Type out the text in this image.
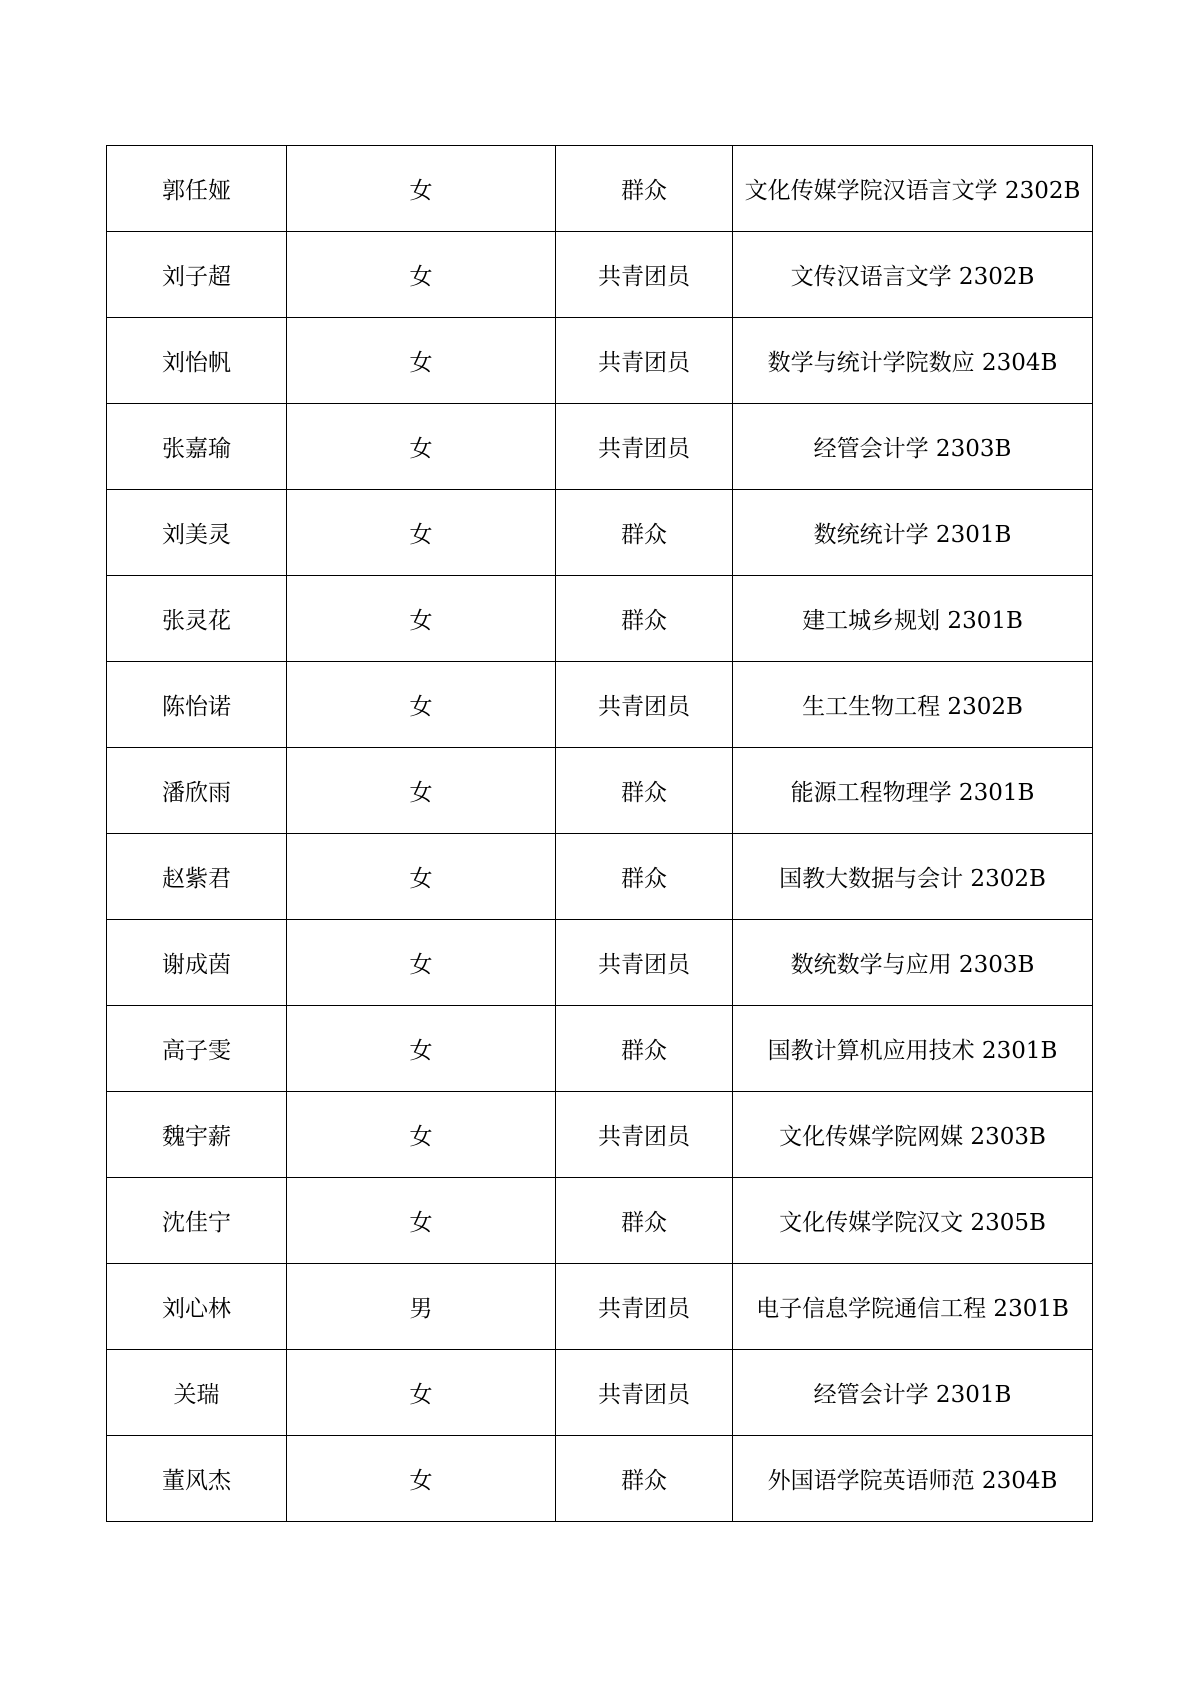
郭任娅	女	群众	文化传媒学院汉语言文学 2302B
刘子超	女	共青团员	文传汉语言文学 2302B
刘怡帆	女	共青团员	数学与统计学院数应 2304B
张嘉瑜	女	共青团员	经管会计学 2303B
刘美灵	女	群众	数统统计学 2301B
张灵花	女	群众	建工城乡规划 2301B
陈怡诺	女	共青团员	生工生物工程 2302B
潘欣雨	女	群众	能源工程物理学 2301B
赵紫君	女	群众	国教大数据与会计 2302B
谢成茵	女	共青团员	数统数学与应用 2303B
高子雯	女	群众	国教计算机应用技术 2301B
魏宇薪	女	共青团员	文化传媒学院网媒 2303B
沈佳宁	女	群众	文化传媒学院汉文 2305B
刘心林	男	共青团员	电子信息学院通信工程 2301B
关瑞	女	共青团员	经管会计学 2301B
董风杰	女	群众	外国语学院英语师范 2304B
